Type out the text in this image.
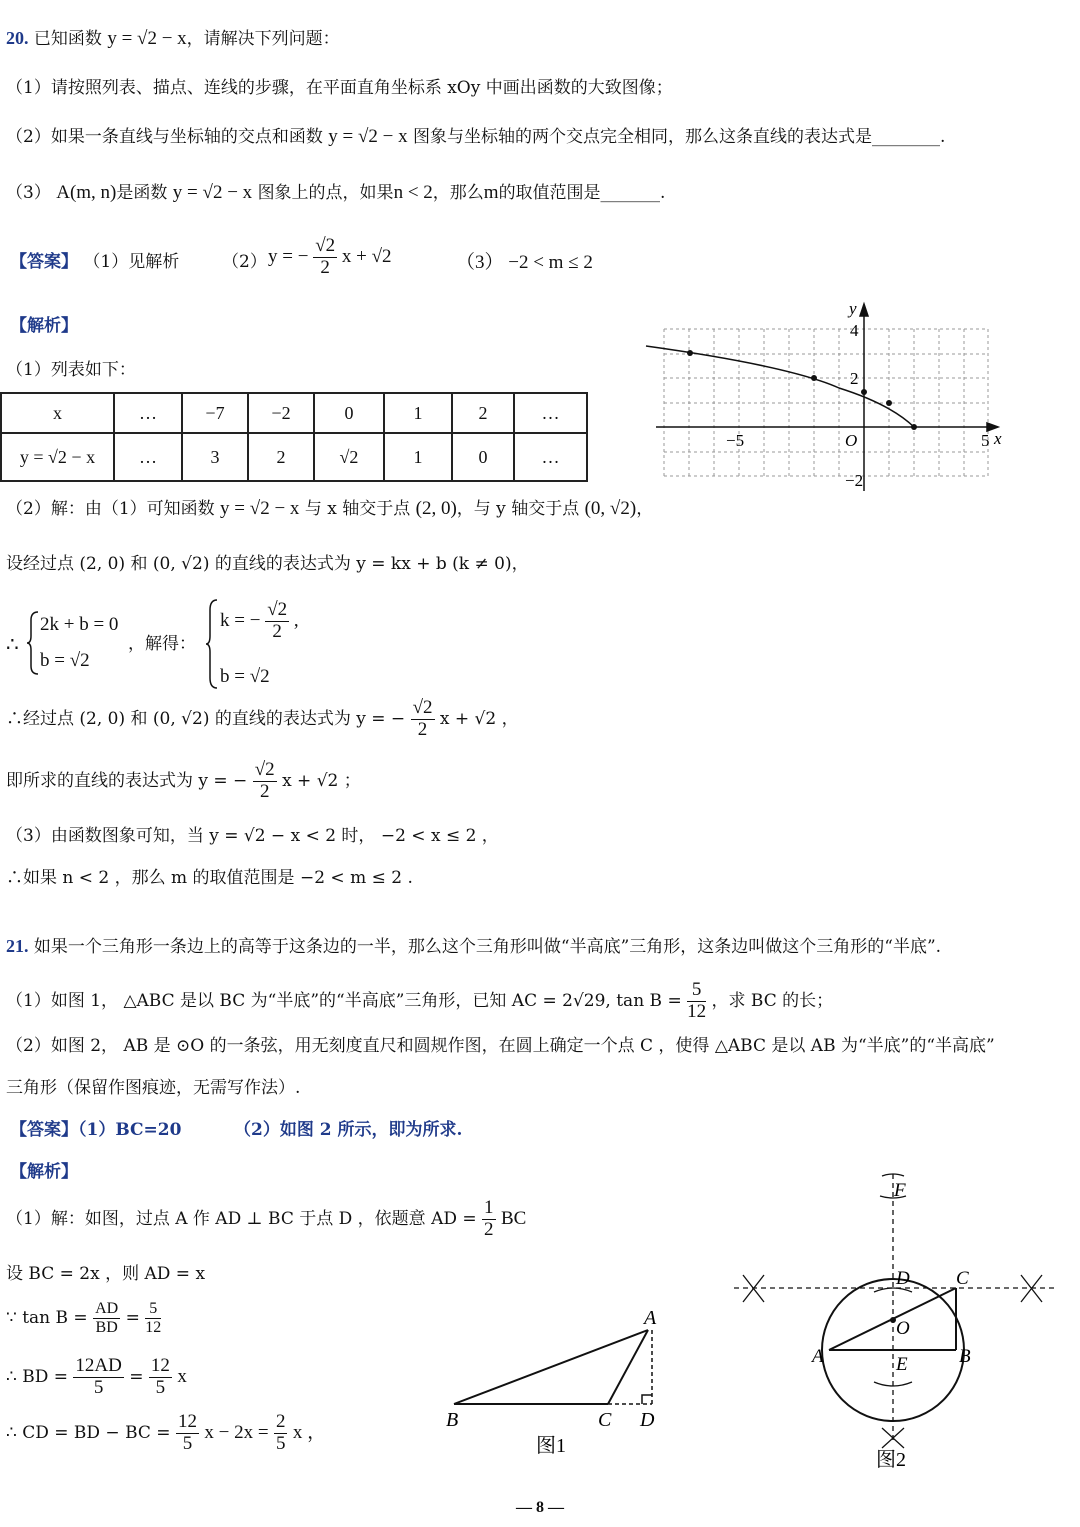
20. 已知函数 y = √2 − x，请解决下列问题：
（1）请按照列表、描点、连线的步骤，在平面直角坐标系 xOy 中画出函数的大致图像；
（2）如果一条直线与坐标轴的交点和函数 y = √2 − x 图象与坐标轴的两个交点完全相同，那么这条直线的表达式是________.
（3） A(m, n)是函数 y = √2 − x 图象上的点，如果n < 2，那么m的取值范围是_______.
【答案】 （1）见解析	（2） y = − $\frac{√2}{2}$ x + √2	（3） −2 < m ≤ 2
【解析】
（1）列表如下：
x	…	−7	−2	0	1	2	…
y = √2 − x	…	3	2	√2	1	0	…
y
x
O
4
2
−2
−5	5
（2）解：由（1）可知函数 y = √2 − x 与 x 轴交于点 (2, 0)，与 y 轴交于点 (0, √2)，
设经过点 (2, 0) 和 (0, √2) 的直线的表达式为 y = kx + b (k ≠ 0)，
∴
2k + b = 0
b = √2
，解得：
k = − $\frac{√2}{2}$ ,
b = √2
∴经过点 (2, 0) 和 (0, √2) 的直线的表达式为 y = − $\frac{√2}{2}$ x + √2 ，
即所求的直线的表达式为 y = − $\frac{√2}{2}$ x + √2 ；
（3）由函数图象可知，当 y = √2 − x < 2 时， −2 < x ≤ 2 ，
∴如果 n < 2 ，那么 m 的取值范围是 −2 < m ≤ 2 .
21. 如果一个三角形一条边上的高等于这条边的一半，那么这个三角形叫做“半高底”三角形，这条边叫做这个三角形的“半底”.
（1）如图 1， △ABC 是以 BC 为“半底”的“半高底”三角形，已知 AC = 2√29, $\tan B = \frac{5}{12}$ ，求 BC 的长；
（2）如图 2， AB 是 ⊙O 的一条弦，用无刻度直尺和圆规作图，在圆上确定一个点 C ，使得 △ABC 是以 AB 为“半底”的“半高底”
三角形（保留作图痕迹，无需写作法）.
【答案】（1）BC=20	（2）如图 2 所示，即为所求.
【解析】
（1）解：如图，过点 A 作 AD ⊥ BC 于点 D ，依题意 AD = $\frac{1}{2}$ BC
设 BC = 2x ，则 AD = x
∵ $\tan B = \frac{AD}{BD} = \frac{5}{12}$
∴ BD = $\frac{12AD}{5} = \frac{12}{5}$ x
∴ CD = BD − BC = $\frac{12}{5}$ $x - 2x = \frac{2}{5}$ x ，
A
B	C D
图1
F
D C
O
A	E	B
图2
— 8 —
